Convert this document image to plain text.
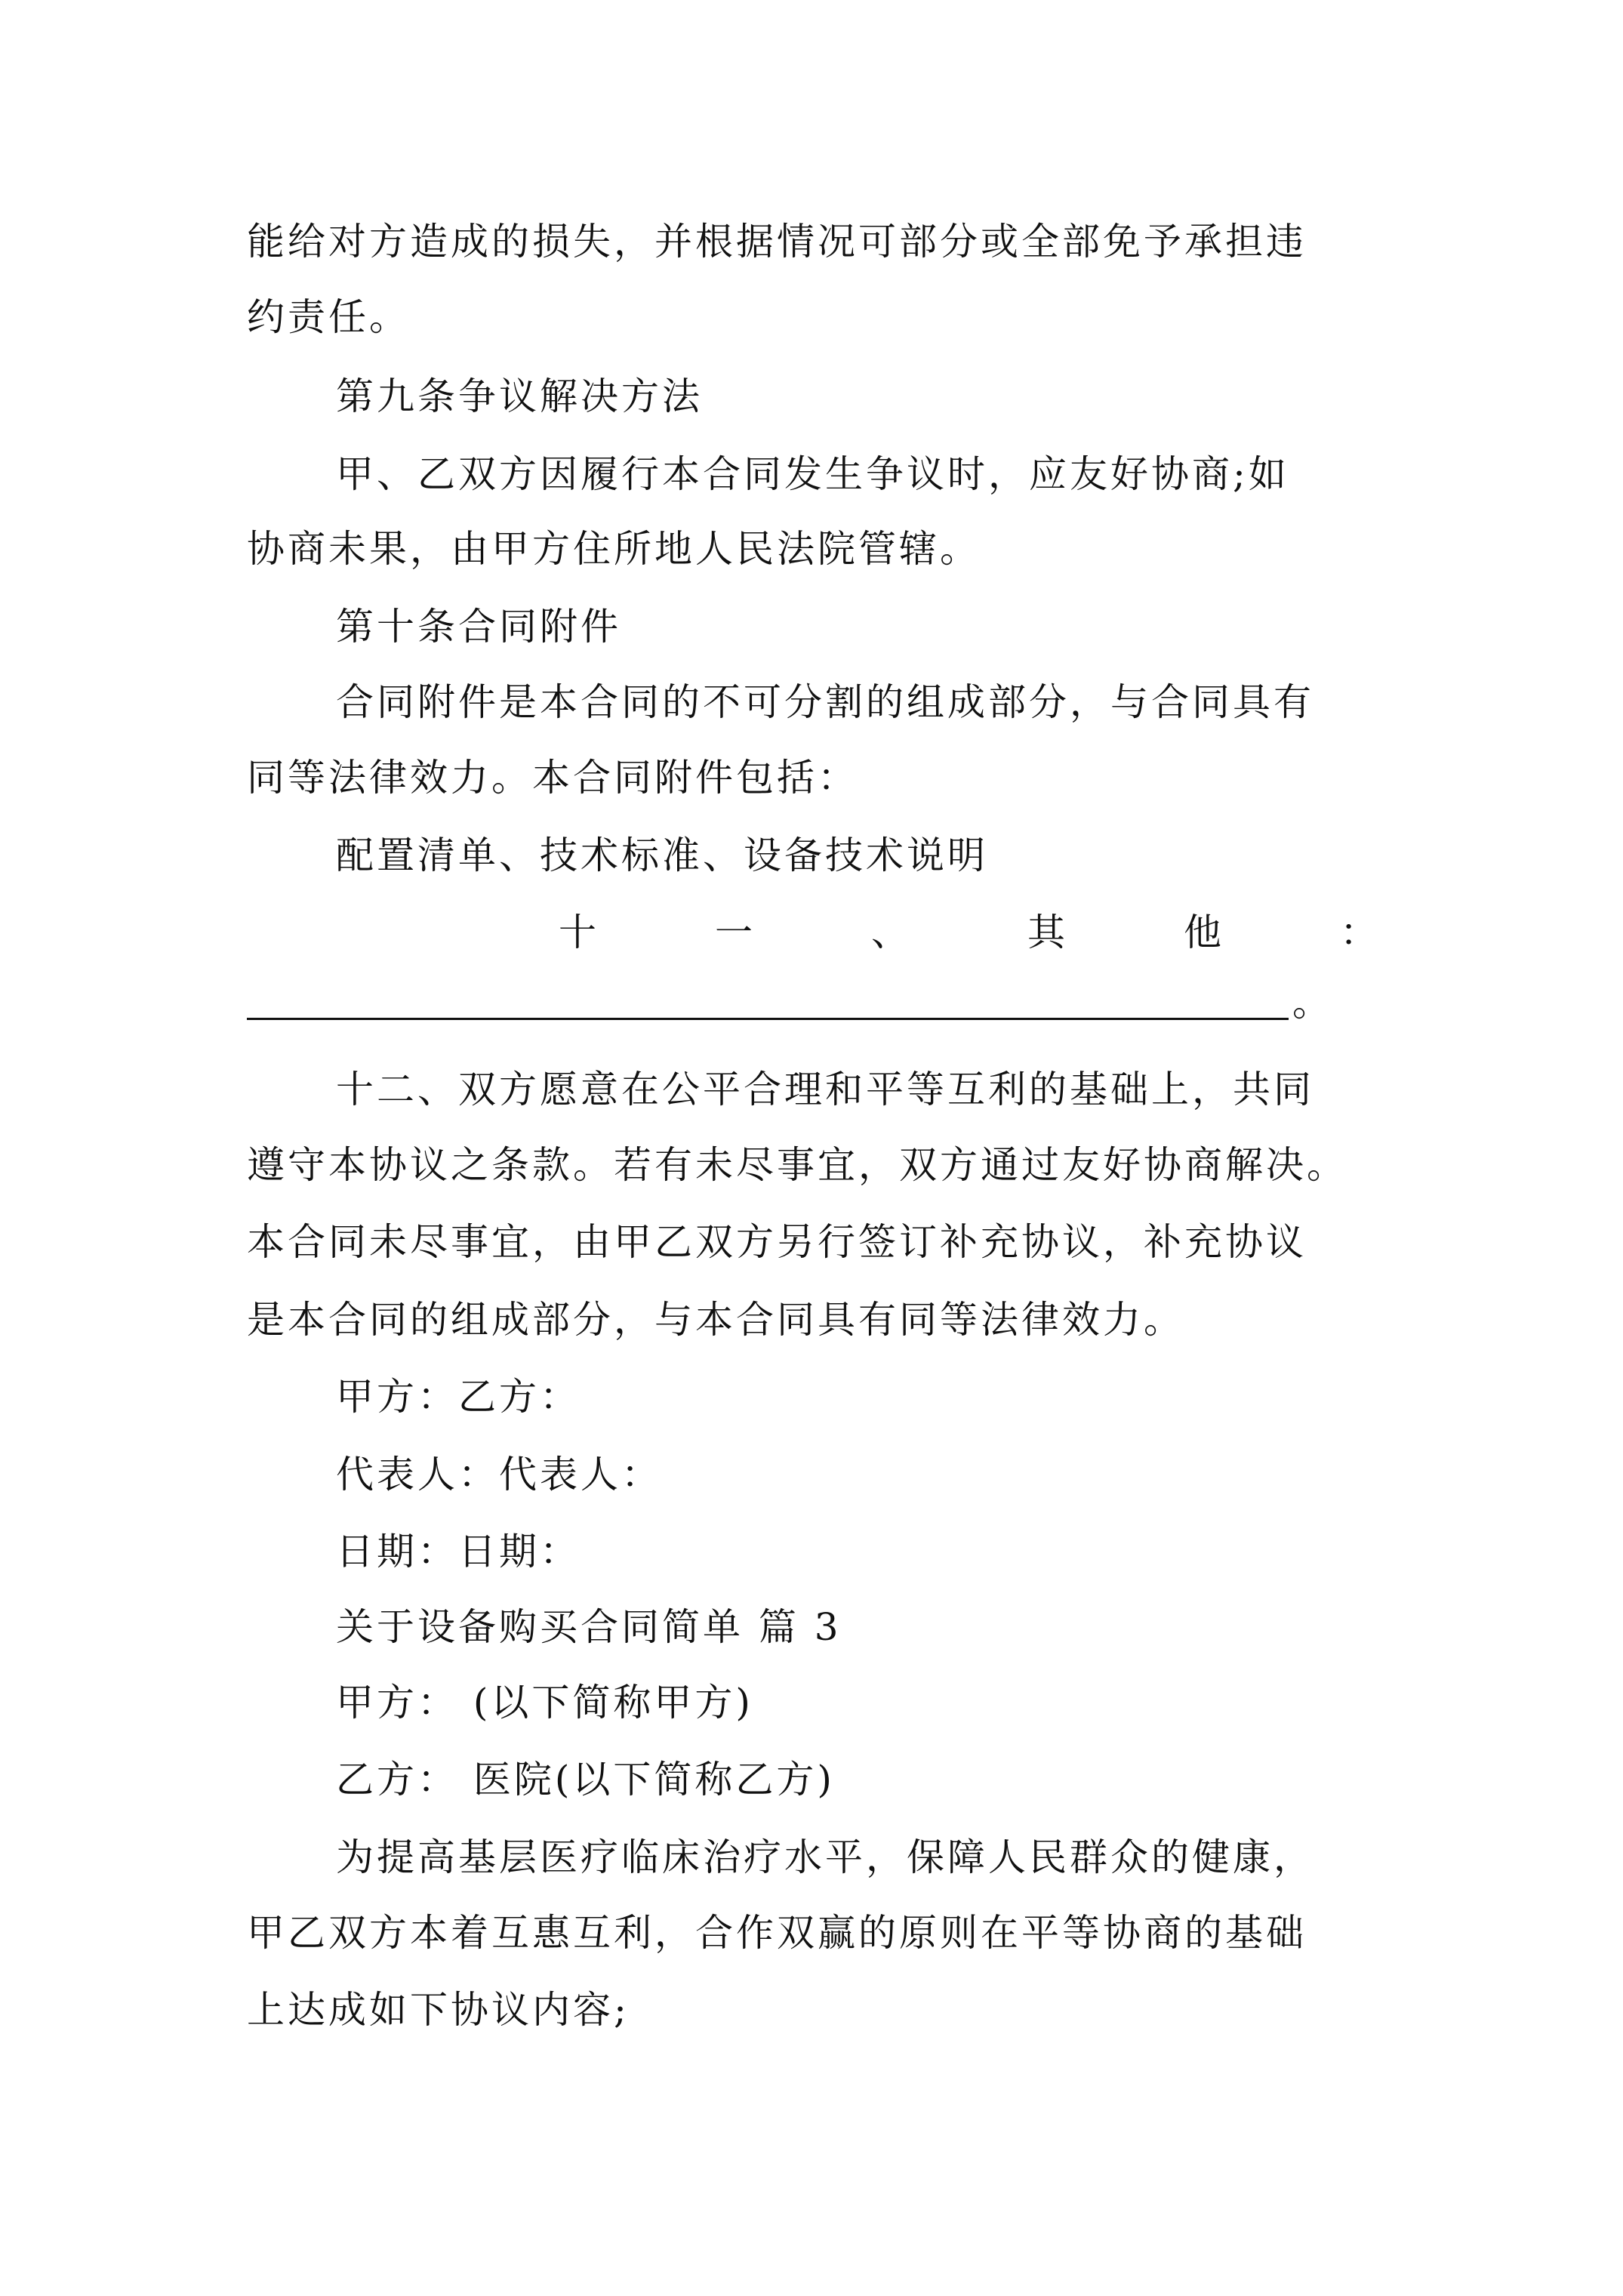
能给对方造成的损失，并根据情况可部分或全部免予承担违
约责任。
第九条争议解决方法
甲、乙双方因履行本合同发生争议时，应友好协商;如
协商未果，由甲方住所地人民法院管辖。
第十条合同附件
合同附件是本合同的不可分割的组成部分，与合同具有
同等法律效力。本合同附件包括：
配置清单、技术标准、设备技术说明
十	一	、	其	他	：
。
十二、双方愿意在公平合理和平等互利的基础上，共同
遵守本协议之条款。若有未尽事宜，双方通过友好协商解决。
本合同未尽事宜，由甲乙双方另行签订补充协议，补充协议
是本合同的组成部分，与本合同具有同等法律效力。
甲方：乙方：
代表人：代表人：
日期：日期：
关于设备购买合同简单 篇 3
甲方： (以下简称甲方)
乙方： 医院(以下简称乙方)
为提高基层医疗临床治疗水平，保障人民群众的健康，
甲乙双方本着互惠互利，合作双赢的原则在平等协商的基础
上达成如下协议内容;
